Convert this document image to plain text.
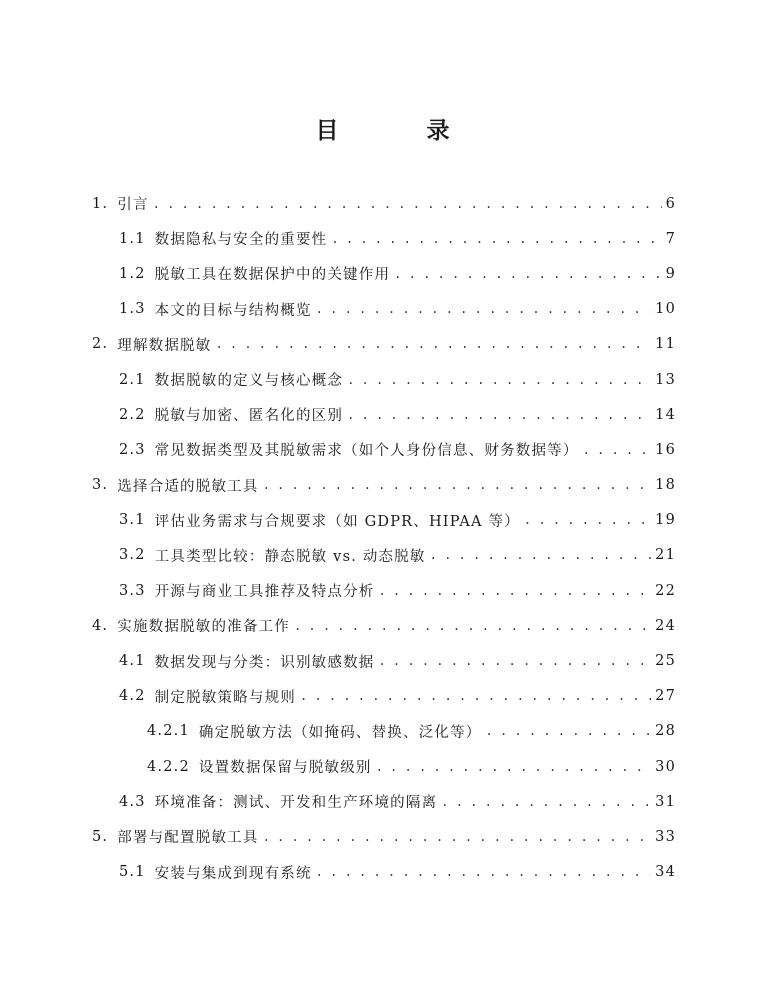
目 录
1. 引言 . . .	6
1.1 数据隐私与安全的重要性 . . .	7
1.2 脱敏工具在数据保护中的关键作用 . . .	9
1.3 本文的目标与结构概览 . . .	10
2. 理解数据脱敏 . . .	11
2.1 数据脱敏的定义与核心概念 . . .	13
2.2 脱敏与加密、匿名化的区别 . . .	14
2.3 常见数据类型及其脱敏需求（如个人身份信息、财务数据等） . . .	16
3. 选择合适的脱敏工具 . . .	18
3.1 评估业务需求与合规要求（如 GDPR、HIPAA 等） . . .	19
3.2 工具类型比较：静态脱敏 vs. 动态脱敏 . . .	21
3.3 开源与商业工具推荐及特点分析 . . .	22
4. 实施数据脱敏的准备工作 . . .	24
4.1 数据发现与分类：识别敏感数据 . . .	25
4.2 制定脱敏策略与规则 . . .	27
4.2.1 确定脱敏方法（如掩码、替换、泛化等） . . .	28
4.2.2 设置数据保留与脱敏级别 . . .	30
4.3 环境准备：测试、开发和生产环境的隔离 . . .	31
5. 部署与配置脱敏工具 . . .	33
5.1 安装与集成到现有系统 . . .	34
